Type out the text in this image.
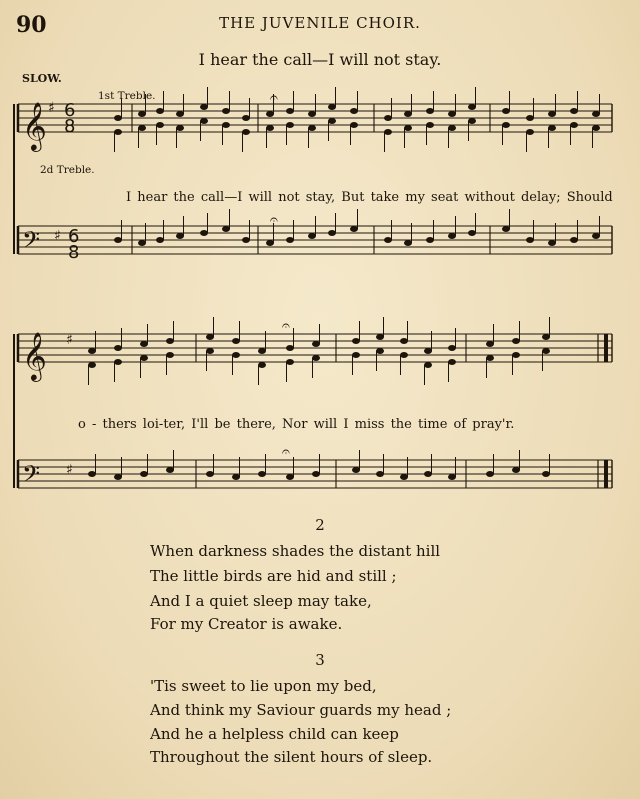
90	THE JUVENILE CHOIR.
I hear the call—I will not stay.
SLOW.
1st Treble.
2d Treble.
𝄞
𝄢
𝄞
𝄢
♯
♯
♯
♯
6
8
6
8
𝄐
𝄐
𝄐
𝄐
I hear the call—I will not stay, But take my seat without delay; Should
o - thers loi-ter, I'll be there, Nor will I miss the time of pray'r.
2
When darkness shades the distant hill
The little birds are hid and still ;
And I a quiet sleep may take,
For my Creator is awake.
3
'Tis sweet to lie upon my bed,
And think my Saviour guards my head ;
And he a helpless child can keep
Throughout the silent hours of sleep.
